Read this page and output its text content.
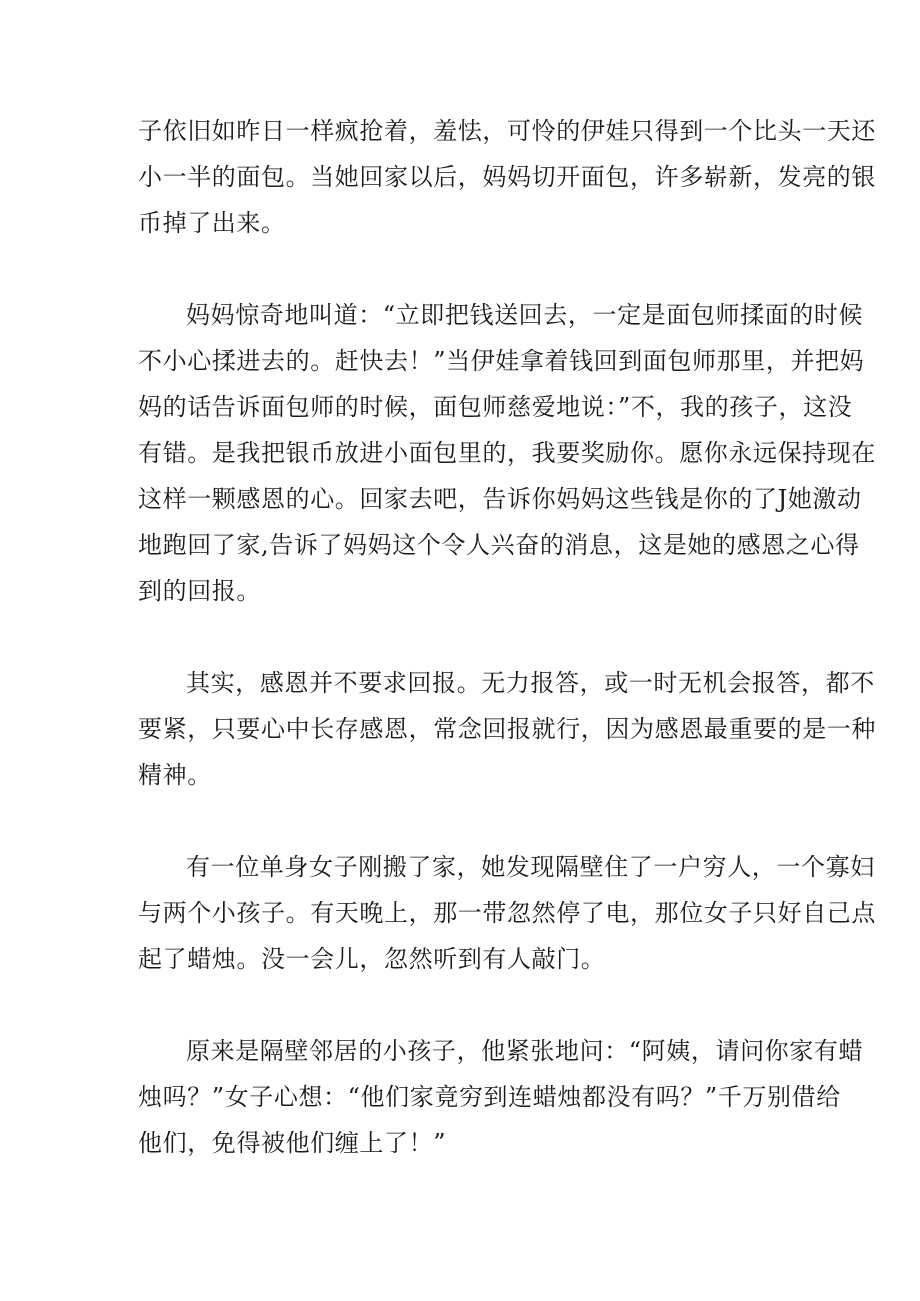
子依旧如昨日一样疯抢着，羞怯，可怜的伊娃只得到一个比头一天还
小一半的面包。当她回家以后，妈妈切开面包，许多崭新，发亮的银
币掉了出来。

妈妈惊奇地叫道：“立即把钱送回去，一定是面包师揉面的时候
不小心揉进去的。赶快去！”当伊娃拿着钱回到面包师那里，并把妈
妈的话告诉面包师的时候，面包师慈爱地说：”不，我的孩子，这没
有错。是我把银币放进小面包里的，我要奖励你。愿你永远保持现在
这样一颗感恩的心。回家去吧，告诉你妈妈这些钱是你的了J她激动
地跑回了家,告诉了妈妈这个令人兴奋的消息，这是她的感恩之心得
到的回报。

其实，感恩并不要求回报。无力报答，或一时无机会报答，都不
要紧，只要心中长存感恩，常念回报就行，因为感恩最重要的是一种
精神。

有一位单身女子刚搬了家，她发现隔壁住了一户穷人，一个寡妇
与两个小孩子。有天晚上，那一带忽然停了电，那位女子只好自己点
起了蜡烛。没一会儿，忽然听到有人敲门。

原来是隔壁邻居的小孩子，他紧张地问：“阿姨，请问你家有蜡
烛吗？”女子心想：“他们家竟穷到连蜡烛都没有吗？”千万别借给
他们，免得被他们缠上了！”
